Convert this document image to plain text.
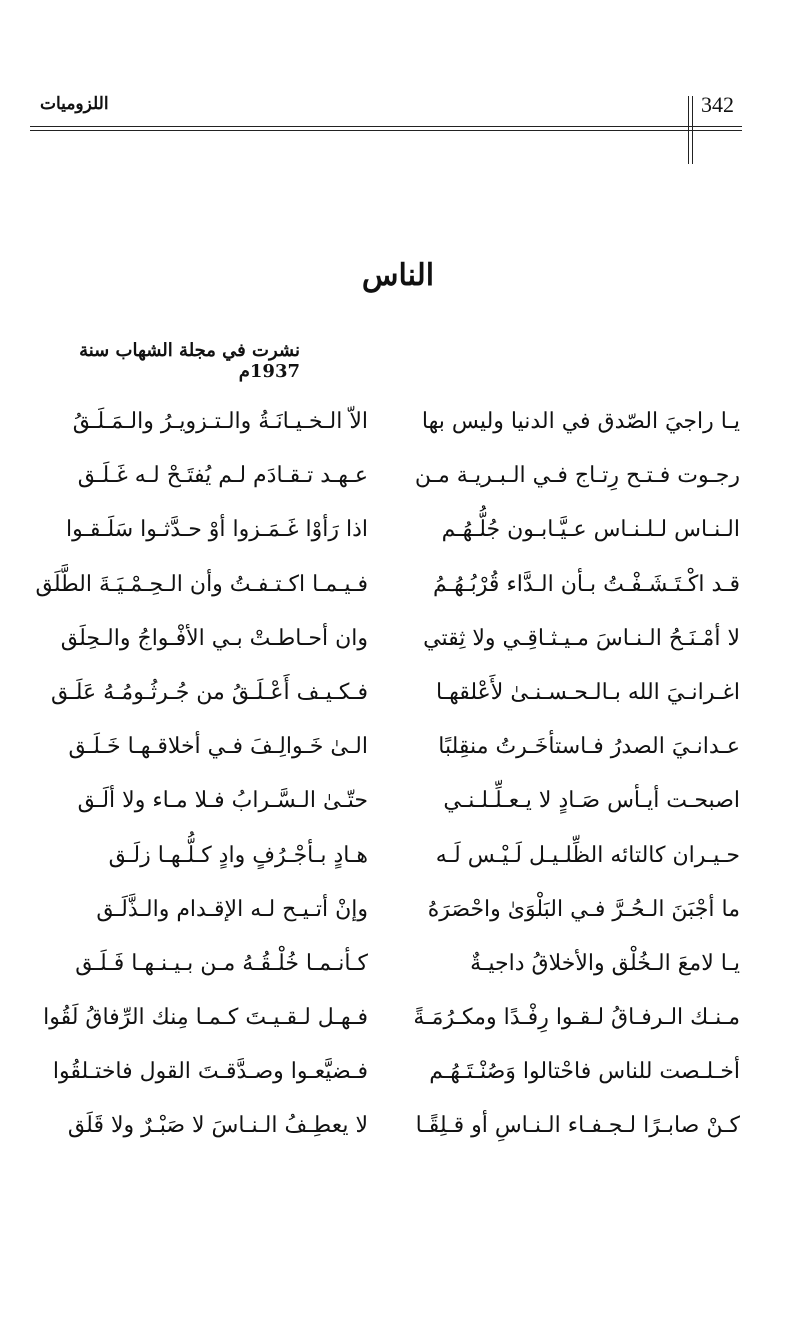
اللزوميات	342
الناس
نشرت في مجلة الشهاب سنة 1937م
يـا راجيَ الصّدق في الدنيا وليس بها
الاّ الـخـيـانَـةُ والـتـزويـرُ والـمَـلَـقُ
رجـوت فـتـح رِتـاج فـي الـبـريـة مـن
عـهـد تـقـادَم لـم يُفتَـحْ لـه غَـلَـق
الـنـاس لـلـنـاس عـيَّـابـون جُلُّـهُـم
اذا رَأوْا غَـمَـزوا أوْ حـدَّثـوا سَلَـقـوا
قـد اكْـتَـشَـفْـتُ بـأن الـدَّاء قُرْبُـهُـمُ
فـيـمـا اكـتـفـتُ وأن الـحِـمْـيَـةَ الطَّلَق
لا أمْـنَـحُ الـنـاسَ مـيـثـاقِـي ولا ثِقتي
وان أحـاطـتْ بـي الأفْـواجُ والـحِلَق
اغـرانـيَ الله بـالـحـسـنـىٰ لأَعْلقهـا
فـكـيـف أَعْـلَـقُ من جُـرثُـومُـهُ عَلَـق
عـدانـيَ الصدرُ فـاستأخَـرتُ منقِلبًا
الـىٰ خَـوالِـفَ فـي أخلاقـهـا خَـلَـق
اصبحـت أيـأس صَـادٍ لا يـعـلِّـلـنـي
حتّـىٰ الـسَّـرابُ فـلا مـاء ولا ألَـق
حـيـران كالتائه الظِّلـيـل لَـيْـس لَـه
هـادٍ بـأجْـرُفٍ وادٍ كـلُّـهـا زلَـق
ما أجْبَنَ الـحُـرَّ فـي البَلْوَىٰ واحْصَرَهُ
وإنْ أتـيـح لـه الإقـدام والـذَّلَـق
يـا لامعَ الـخُلْق والأخلاقُ داجيـةٌ
كـأنـمـا خُلْـقُـهُ مـن بـيـنـهـا فَـلَـق
مـنـك الـرفـاقُ لـقـوا رِفْـدًا ومكـرُمَـةً
فـهـل لـقـيـتَ كـمـا مِنك الرِّفاقُ لَقُوا
أخـلـصت للناس فاحْتالوا وَصُنْـتَـهُـم
فـضيَّعـوا وصـدَّقـتَ القول فاختـلقُوا
كـنْ صابـرًا لـجـفـاء الـنـاسِ أو قـلِقًـا
لا يعطِـفُ الـنـاسَ لا صَبْـرٌ ولا قَلَق
